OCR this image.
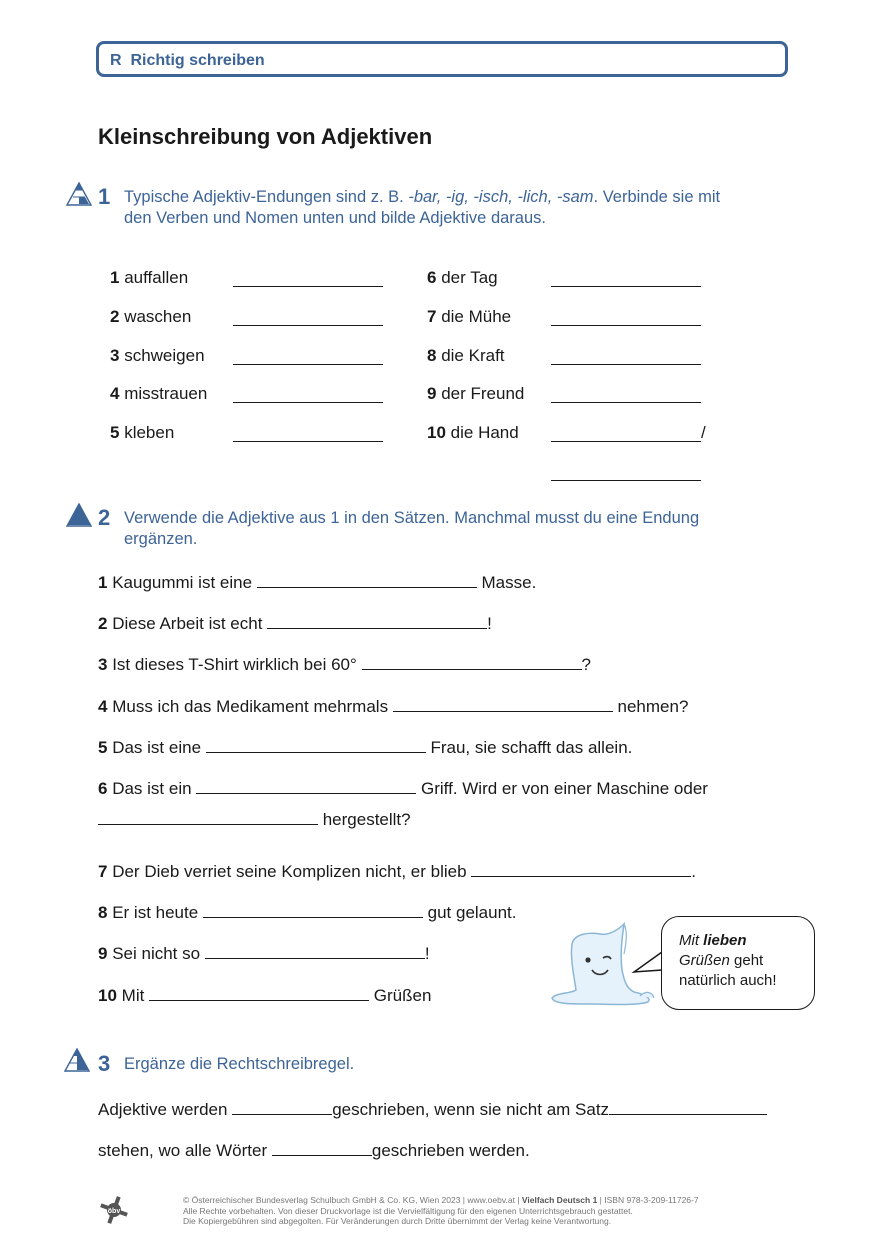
R Richtig schreiben
Kleinschreibung von Adjektiven
1 Typische Adjektiv-Endungen sind z. B. -bar, -ig, -isch, -lich, -sam. Verbinde sie mit
den Verben und Nomen unten und bilde Adjektive daraus.
1 auffallen
2 waschen
3 schweigen
4 misstrauen
5 kleben
6 der Tag
7 die Mühe
8 die Kraft
9 der Freund
10 die Hand	/
2 Verwende die Adjektive aus 1 in den Sätzen. Manchmal musst du eine Endung
ergänzen.
1 Kaugummi ist eine	Masse.
2 Diese Arbeit ist echt	!
3 Ist dieses T-Shirt wirklich bei 60°	?
4 Muss ich das Medikament mehrmals	nehmen?
5 Das ist eine	Frau, sie schafft das allein.
6 Das ist ein	Griff. Wird er von einer Maschine oder
hergestellt?
7 Der Dieb verriet seine Komplizen nicht, er blieb	.
8 Er ist heute	gut gelaunt.
9 Sei nicht so	!
10 Mit	Grüßen
Mit lieben
Grüßen geht
natürlich auch!
3 Ergänze die Rechtschreibregel.
Adjektive werden	geschrieben, wenn sie nicht am Satz
stehen, wo alle Wörter	geschrieben werden.
öbv
© Österreichischer Bundesverlag Schulbuch GmbH & Co. KG, Wien 2023 | www.oebv.at | Vielfach Deutsch 1 | ISBN 978-3-209-11726-7
Alle Rechte vorbehalten. Von dieser Druckvorlage ist die Vervielfältigung für den eigenen Unterrichtsgebrauch gestattet.
Die Kopiergebühren sind abgegolten. Für Veränderungen durch Dritte übernimmt der Verlag keine Verantwortung.
